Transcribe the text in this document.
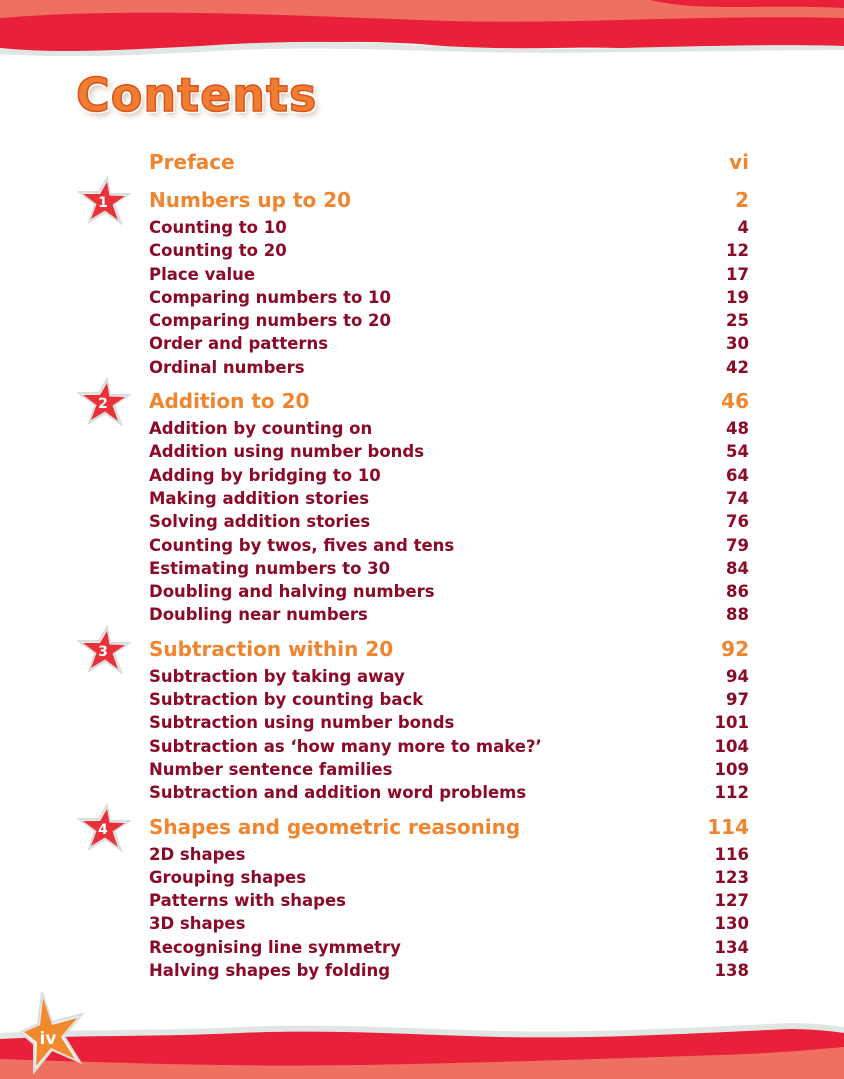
Contents
Preface	vi
1 Numbers up to 20	2
Counting to 10	4
Counting to 20	12
Place value	17
Comparing numbers to 10	19
Comparing numbers to 20	25
Order and patterns	30
Ordinal numbers	42
2 Addition to 20	46
Addition by counting on	48
Addition using number bonds	54
Adding by bridging to 10	64
Making addition stories	74
Solving addition stories	76
Counting by twos, fives and tens	79
Estimating numbers to 30	84
Doubling and halving numbers	86
Doubling near numbers	88
3 Subtraction within 20	92
Subtraction by taking away	94
Subtraction by counting back	97
Subtraction using number bonds	101
Subtraction as ‘how many more to make?’	104
Number sentence families	109
Subtraction and addition word problems	112
4 Shapes and geometric reasoning	114
2D shapes	116
Grouping shapes	123
Patterns with shapes	127
3D shapes	130
Recognising line symmetry	134
Halving shapes by folding	138
iv
